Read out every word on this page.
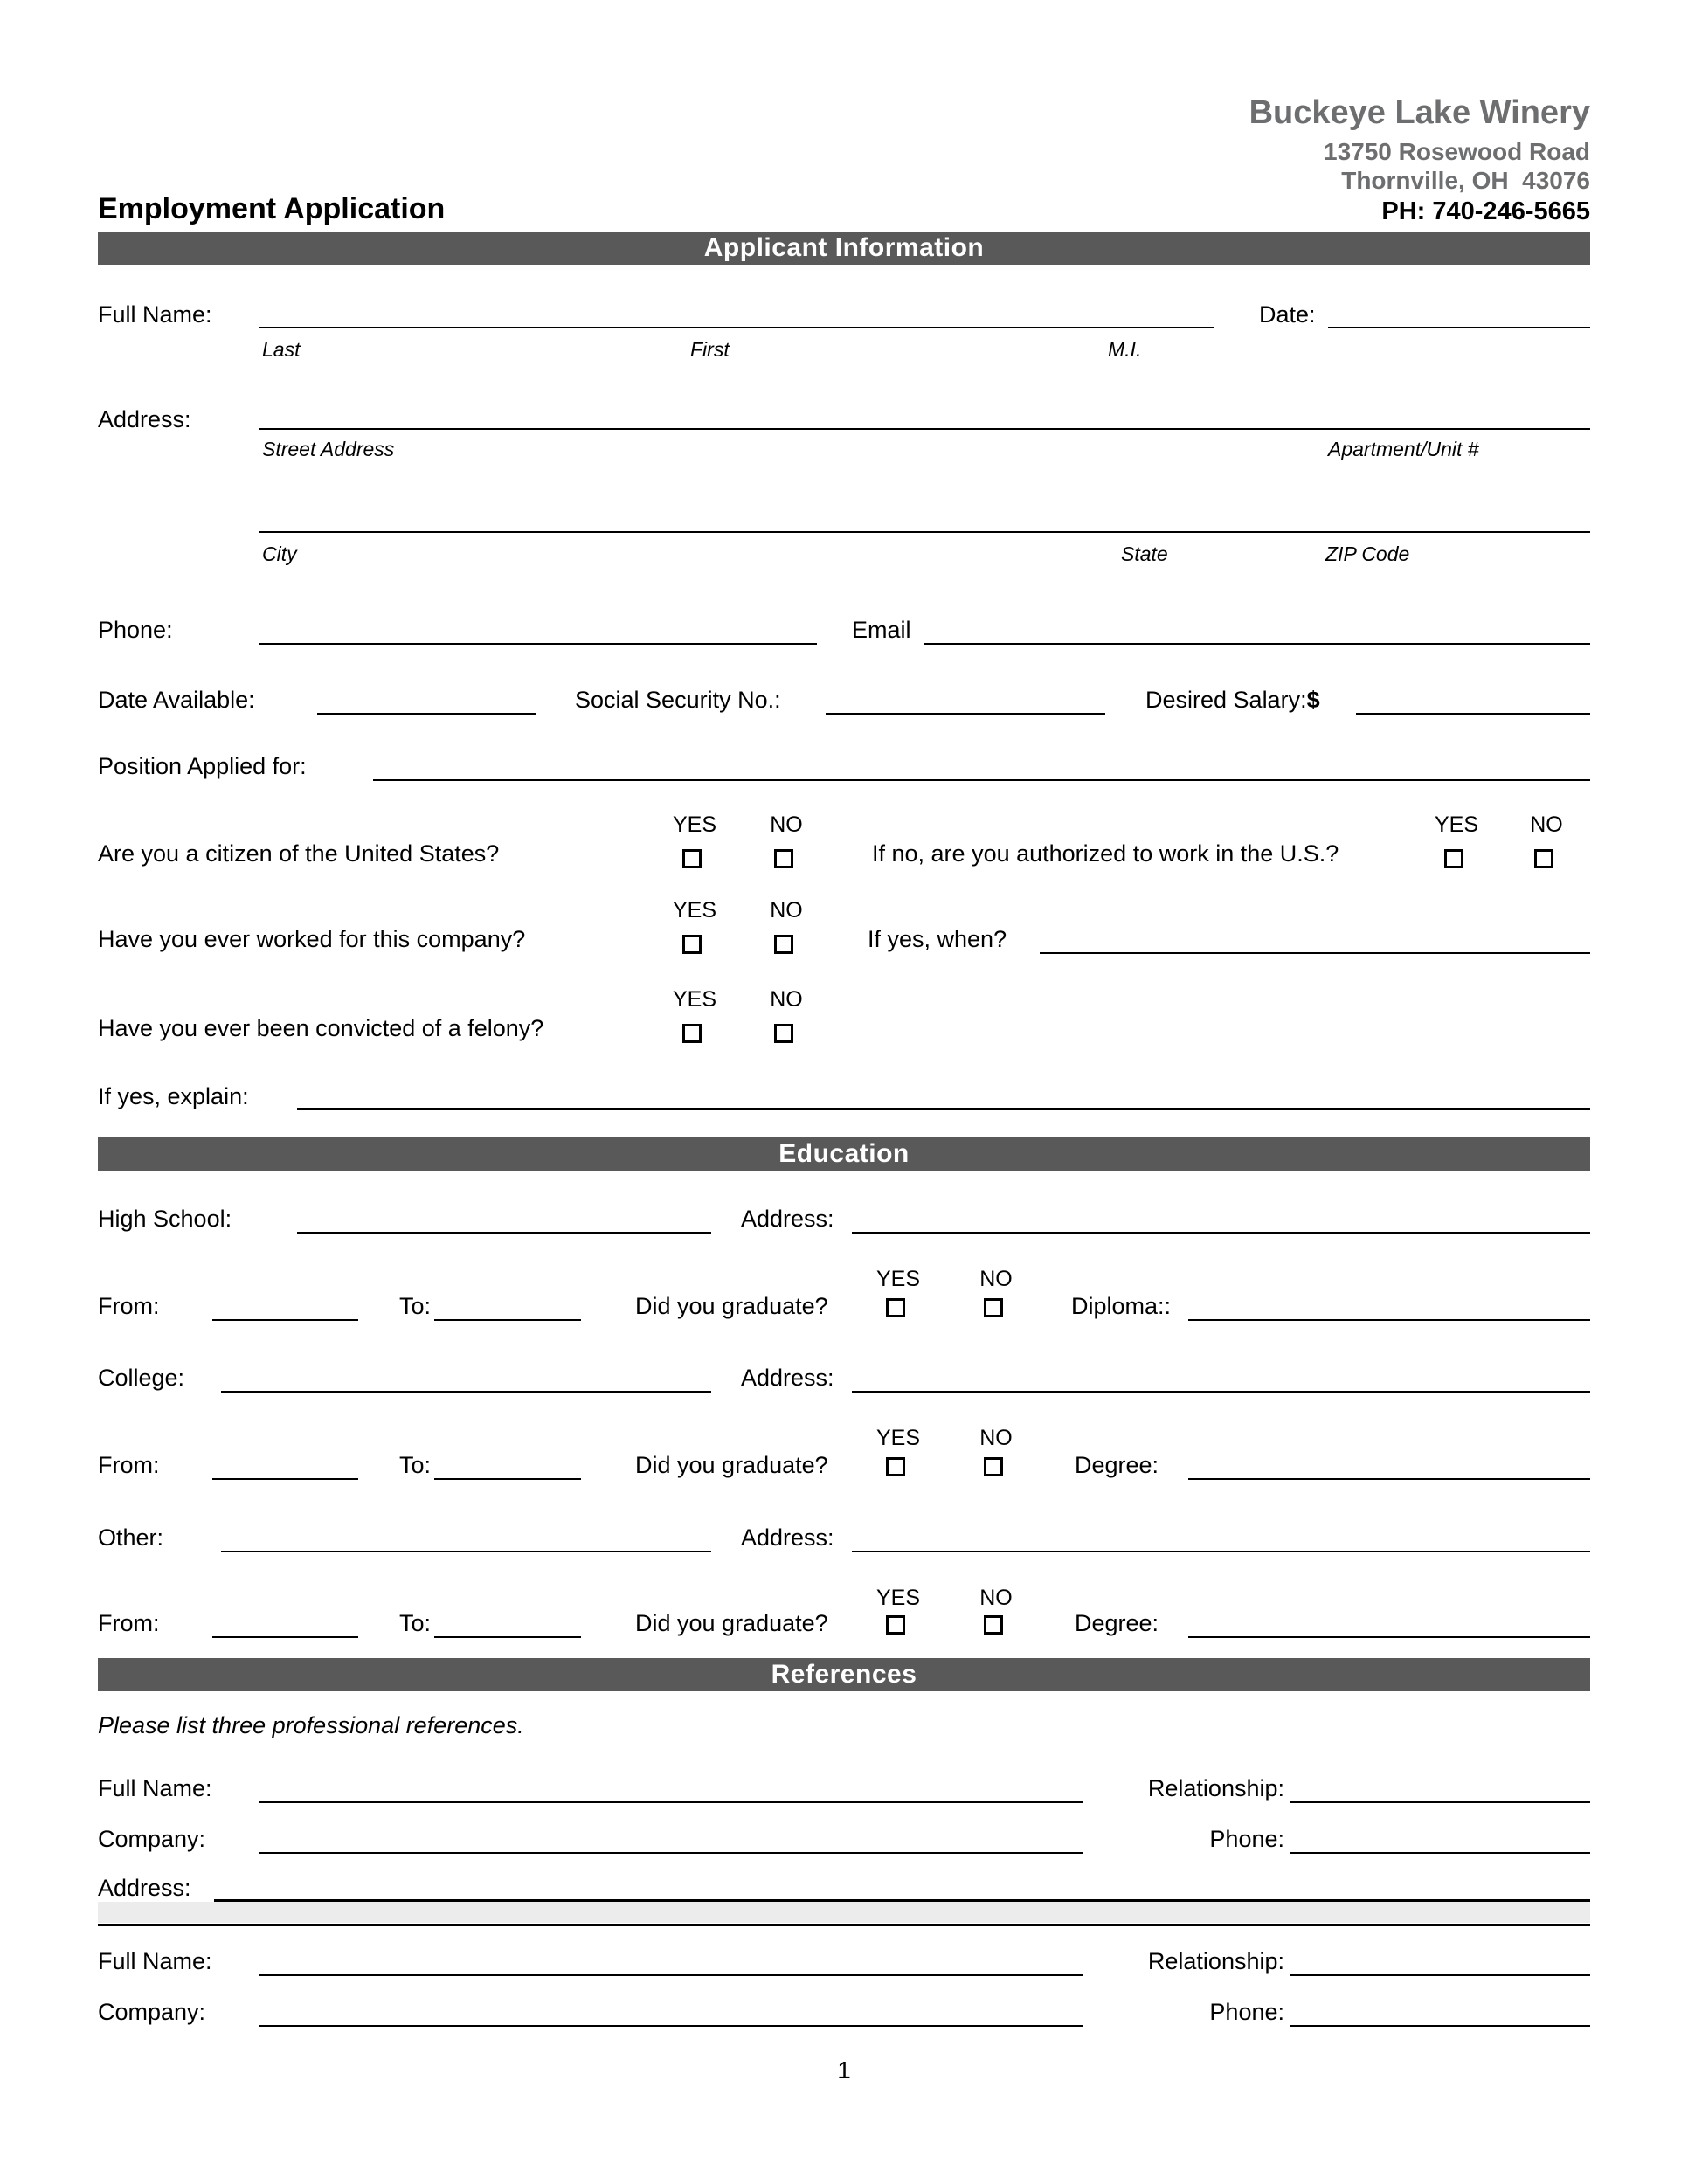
Buckeye Lake Winery
13750 Rosewood Road
Thornville, OH  43076
PH: 740-246-5665
Employment Application
Applicant Information
Full Name:	Date:
Last	First	M.I.
Address:
Street Address	Apartment/Unit #
City	State	ZIP Code
Phone:	Email
Date Available:	Social Security No.:	Desired Salary:$
Position Applied for:
YES	NO	YES	NO
Are you a citizen of the United States?	If no, are you authorized to work in the U.S.?
YES	NO
Have you ever worked for this company?	If yes, when?
YES	NO
Have you ever been convicted of a felony?
If yes, explain:
Education
High School:	Address:
YES	NO
From:	To:	Did you graduate?	Diploma::
College:	Address:
YES	NO
From:	To:	Did you graduate?	Degree:
Other:	Address:
YES	NO
From:	To:	Did you graduate?	Degree:
References
Please list three professional references.
Full Name:	Relationship:
Company:	Phone:
Address:
Full Name:	Relationship:
Company:	Phone:
1
